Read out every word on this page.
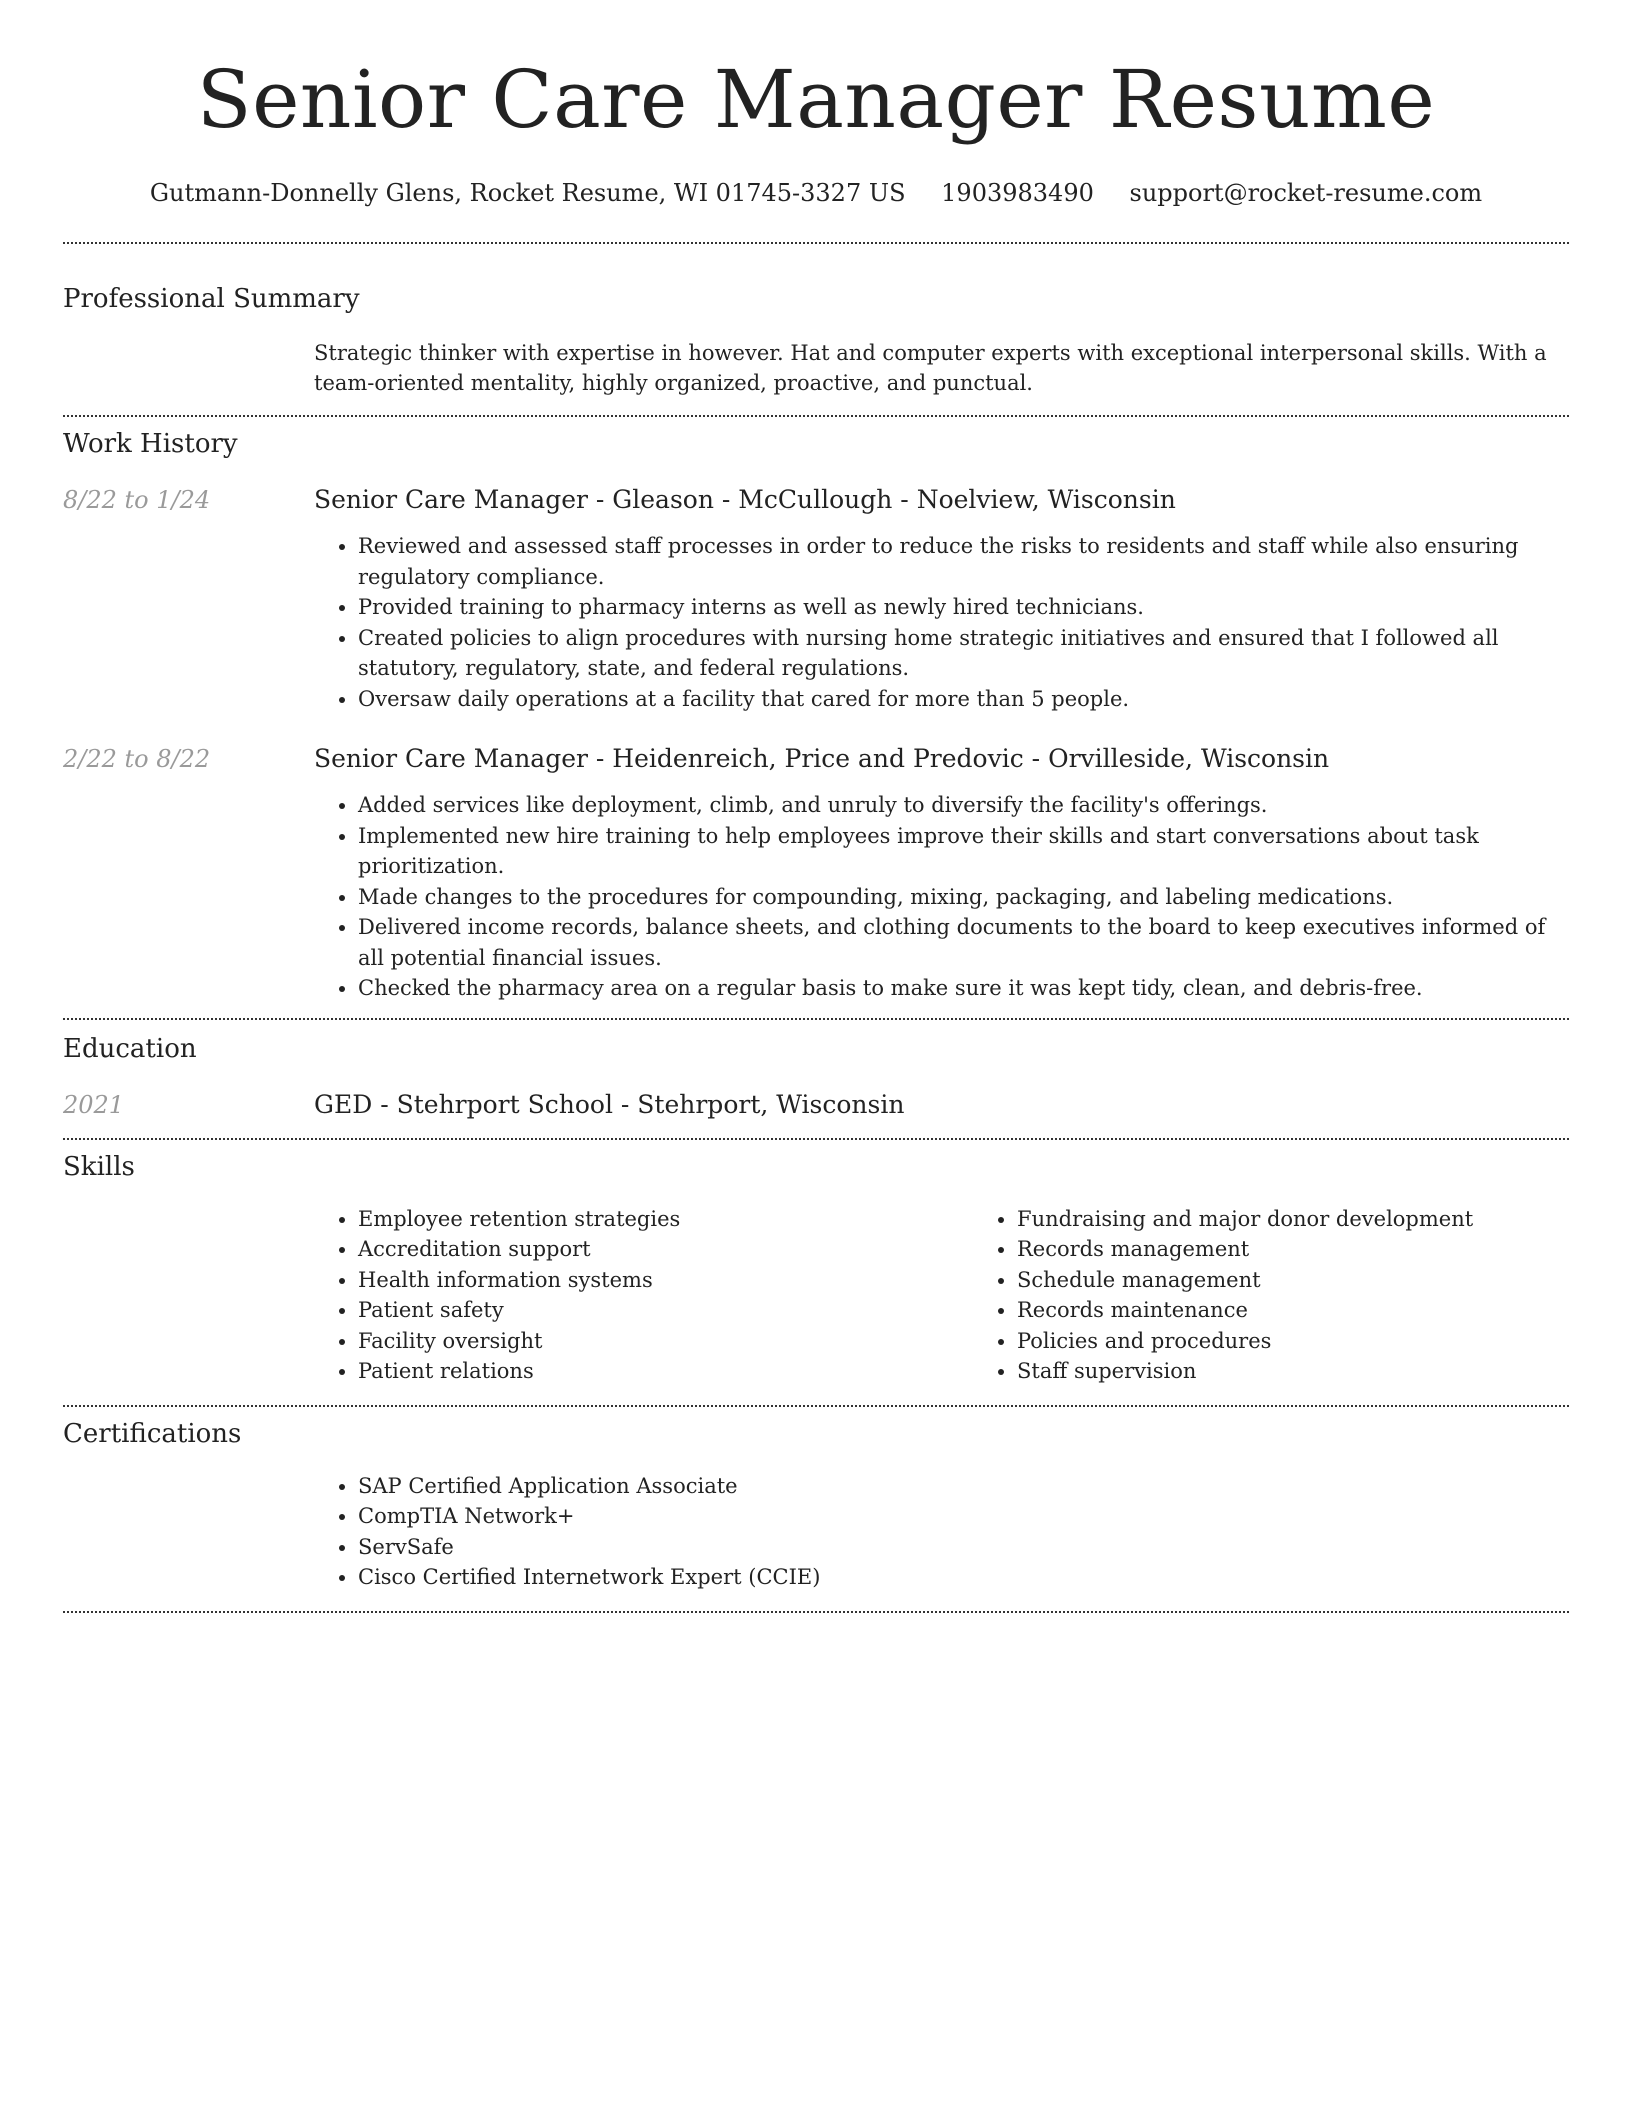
Senior Care Manager Resume
Gutmann-Donnelly Glens, Rocket Resume, WI 01745-3327 US 1903983490 support@rocket-resume.com
Professional Summary

Strategic thinker with expertise in however. Hat and computer experts with exceptional interpersonal skills. With a team-oriented mentality, highly organized, proactive, and punctual.

Work History
8/22 to 1/24	Senior Care Manager - Gleason - McCullough - Noelview, Wisconsin
• Reviewed and assessed staff processes in order to reduce the risks to residents and staff while also ensuring regulatory compliance.
• Provided training to pharmacy interns as well as newly hired technicians.
• Created policies to align procedures with nursing home strategic initiatives and ensured that I followed all statutory, regulatory, state, and federal regulations.
• Oversaw daily operations at a facility that cared for more than 5 people.
2/22 to 8/22	Senior Care Manager - Heidenreich, Price and Predovic - Orvilleside, Wisconsin
• Added services like deployment, climb, and unruly to diversify the facility's offerings.
• Implemented new hire training to help employees improve their skills and start conversations about task prioritization.
• Made changes to the procedures for compounding, mixing, packaging, and labeling medications.
• Delivered income records, balance sheets, and clothing documents to the board to keep executives informed of all potential financial issues.
• Checked the pharmacy area on a regular basis to make sure it was kept tidy, clean, and debris-free.
Education
2021	GED - Stehrport School - Stehrport, Wisconsin
Skills
• Employee retention strategies
• Accreditation support
• Health information systems
• Patient safety
• Facility oversight
• Patient relations
• Fundraising and major donor development
• Records management
• Schedule management
• Records maintenance
• Policies and procedures
• Staff supervision
Certifications
• SAP Certified Application Associate
• CompTIA Network+
• ServSafe
• Cisco Certified Internetwork Expert (CCIE)
